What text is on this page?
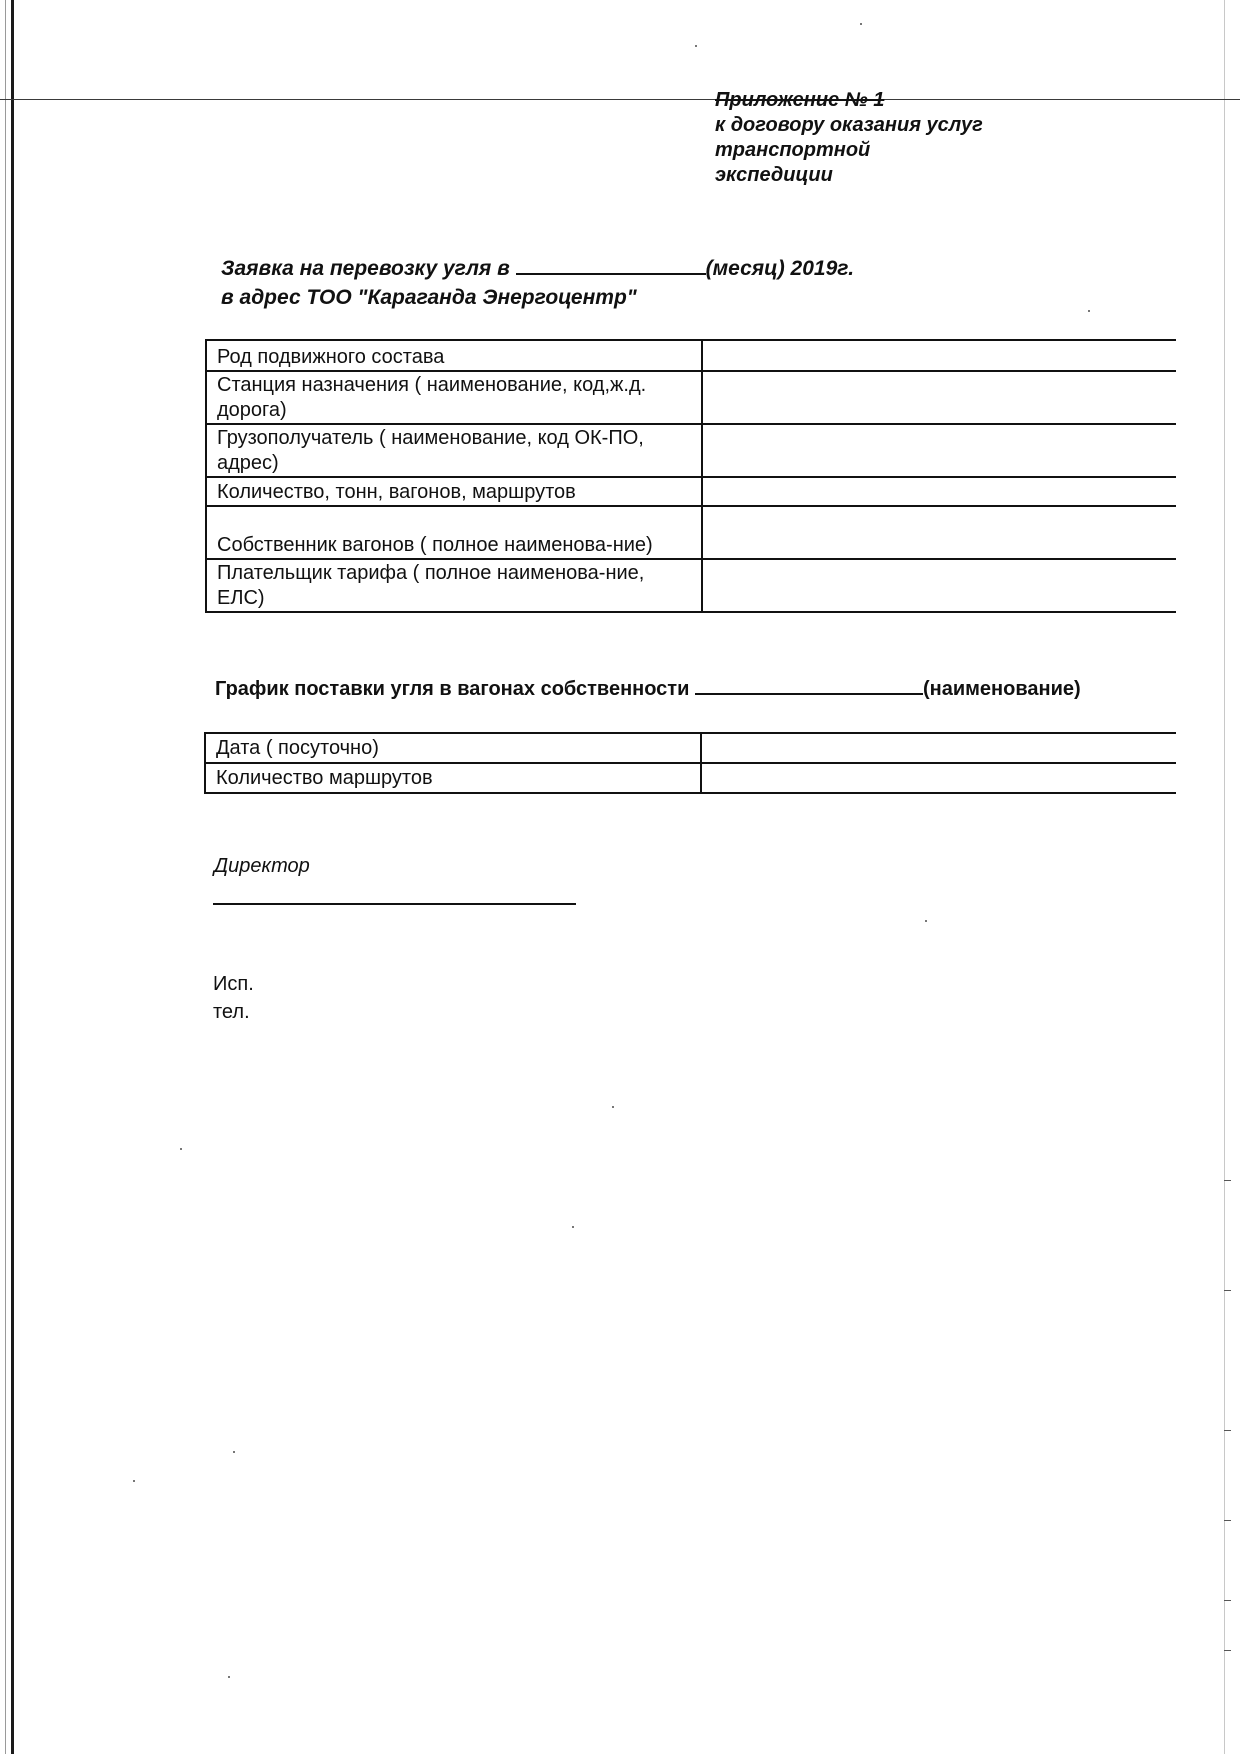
Приложение № 1
к договору оказания услуг
транспортной
экспедиции
Заявка на перевозку угля в	(месяц) 2019г.
в адрес ТОО "Караганда Энергоцентр"
Род подвижного состава	
Станция назначения ( наименование, код,ж.д. дорога)	
Грузополучатель ( наименование, код ОК-ПО, адрес)	
Количество, тонн, вагонов, маршрутов	
Собственник вагонов ( полное наименова-ние)	
Плательщик тарифа ( полное наименова-ние, ЕЛС)	
График поставки угля в вагонах собственности	(наименование)
Дата ( посуточно)	
Количество маршрутов	
Директор
Исп.
тел.
